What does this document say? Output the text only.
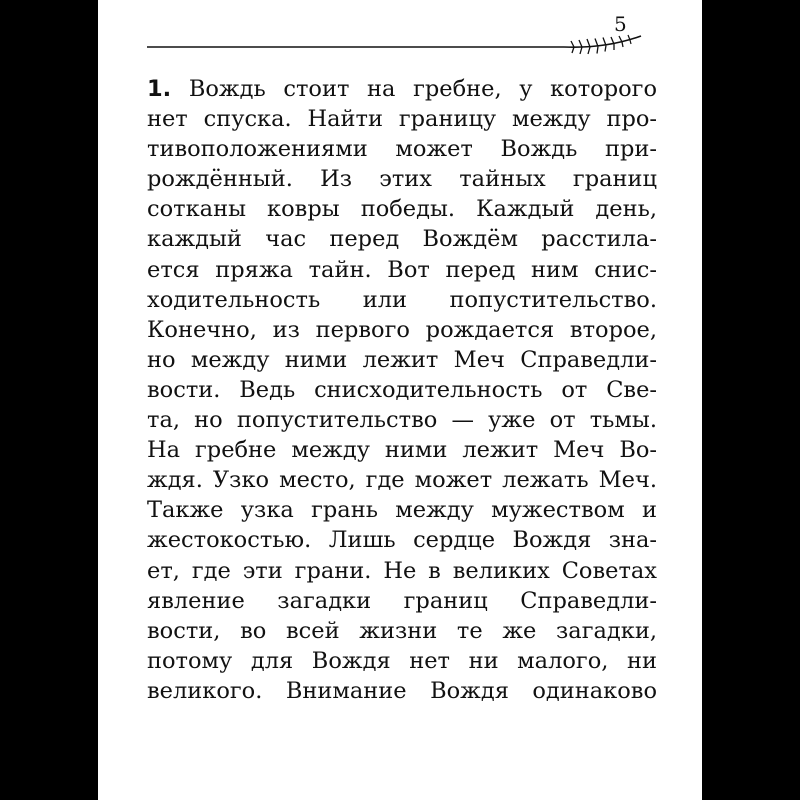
5
1. Вождь стоит на гребне, у которого
нет спуска. Найти границу между про-
тивоположениями может Вождь при-
рождённый. Из этих тайных границ
сотканы ковры победы. Каждый день,
каждый час перед Вождём расстила-
ется пряжа тайн. Вот перед ним снис-
ходительность или попустительство.
Конечно, из первого рождается второе,
но между ними лежит Меч Справедли-
вости. Ведь снисходительность от Све-
та, но попустительство — уже от тьмы.
На гребне между ними лежит Меч Во-
ждя. Узко место, где может лежать Меч.
Также узка грань между мужеством и
жестокостью. Лишь сердце Вождя зна-
ет, где эти грани. Не в великих Советах
явление загадки границ Справедли-
вости, во всей жизни те же загадки,
потому для Вождя нет ни малого, ни
великого. Внимание Вождя одинаково
